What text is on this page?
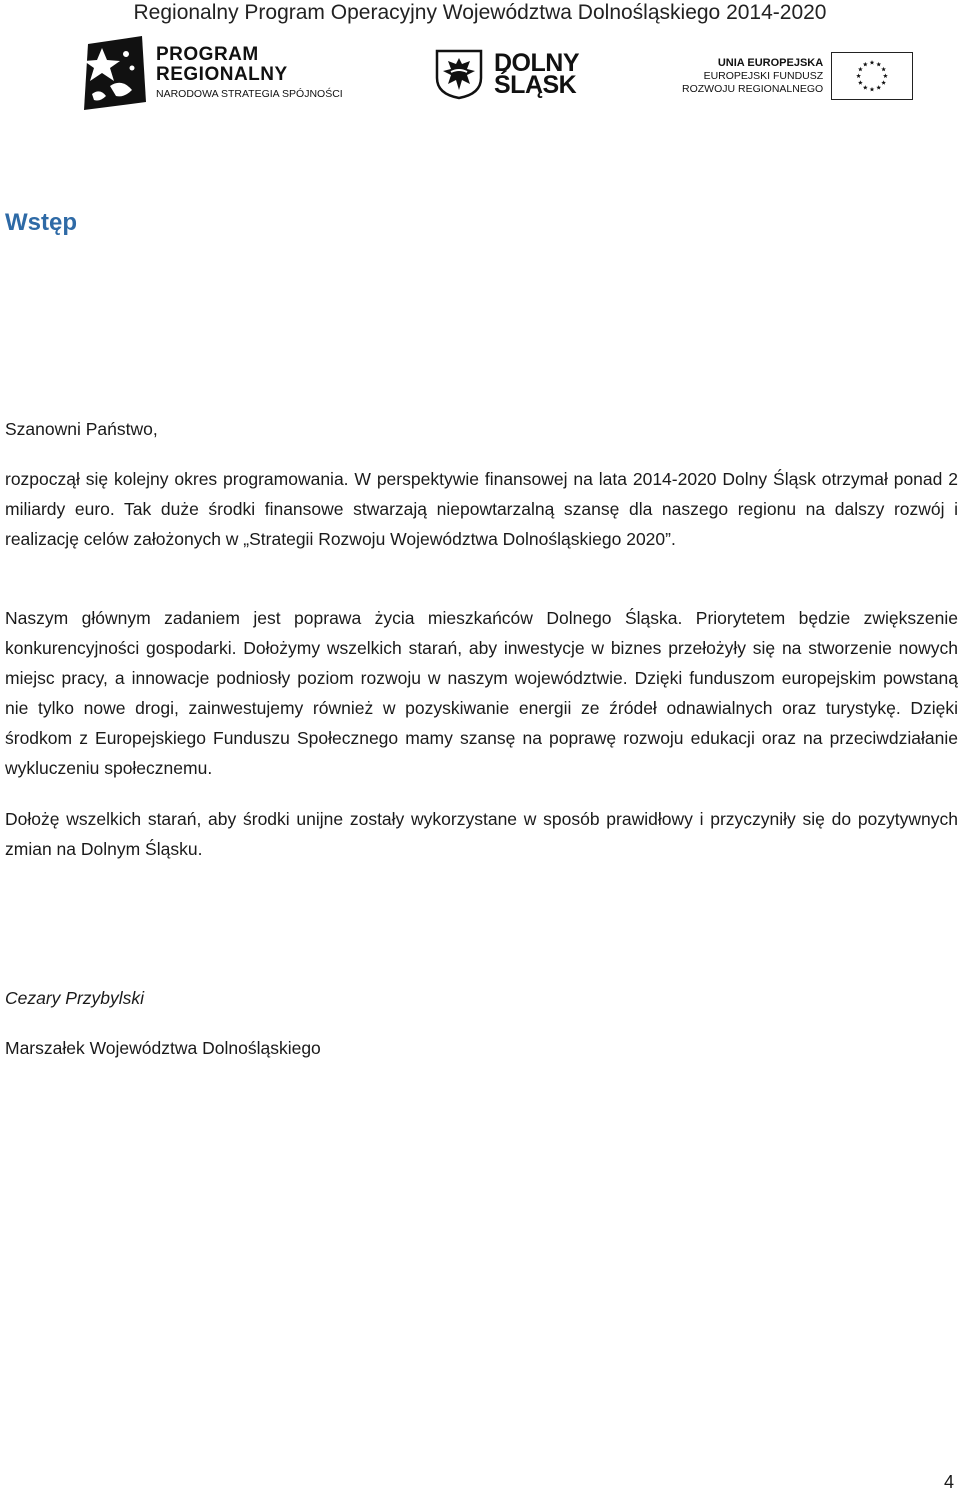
Regionalny Program Operacyjny Województwa Dolnośląskiego 2014-2020
PROGRAM
REGIONALNY
NARODOWA STRATEGIA SPÓJNOŚCI
DOLNY
ŚLĄSK
UNIA EUROPEJSKA
EUROPEJSKI FUNDUSZ
ROZWOJU REGIONALNEGO
Wstęp

Szanowni Państwo,

rozpoczął się kolejny okres programowania. W perspektywie finansowej na lata 2014-2020 Dolny Śląsk otrzymał ponad 2 miliardy euro. Tak duże środki finansowe stwarzają niepowtarzalną szansę dla naszego regionu na dalszy rozwój i realizację celów założonych w „Strategii Rozwoju Województwa Dolnośląskiego 2020”.

Naszym głównym zadaniem jest poprawa życia mieszkańców Dolnego Śląska. Priorytetem będzie zwiększenie konkurencyjności gospodarki. Dołożymy wszelkich starań, aby inwestycje w biznes przełożyły się na stworzenie nowych miejsc pracy, a innowacje podniosły poziom rozwoju w naszym województwie. Dzięki funduszom europejskim powstaną nie tylko nowe drogi, zainwestujemy również w pozyskiwanie energii ze źródeł odnawialnych oraz turystykę. Dzięki środkom z Europejskiego Funduszu Społecznego mamy szansę na poprawę rozwoju edukacji oraz na przeciwdziałanie wykluczeniu społecznemu.

Dołożę wszelkich starań, aby środki unijne zostały wykorzystane w sposób prawidłowy i przyczyniły się do pozytywnych zmian na Dolnym Śląsku.

Cezary Przybylski

Marszałek Województwa Dolnośląskiego

4
